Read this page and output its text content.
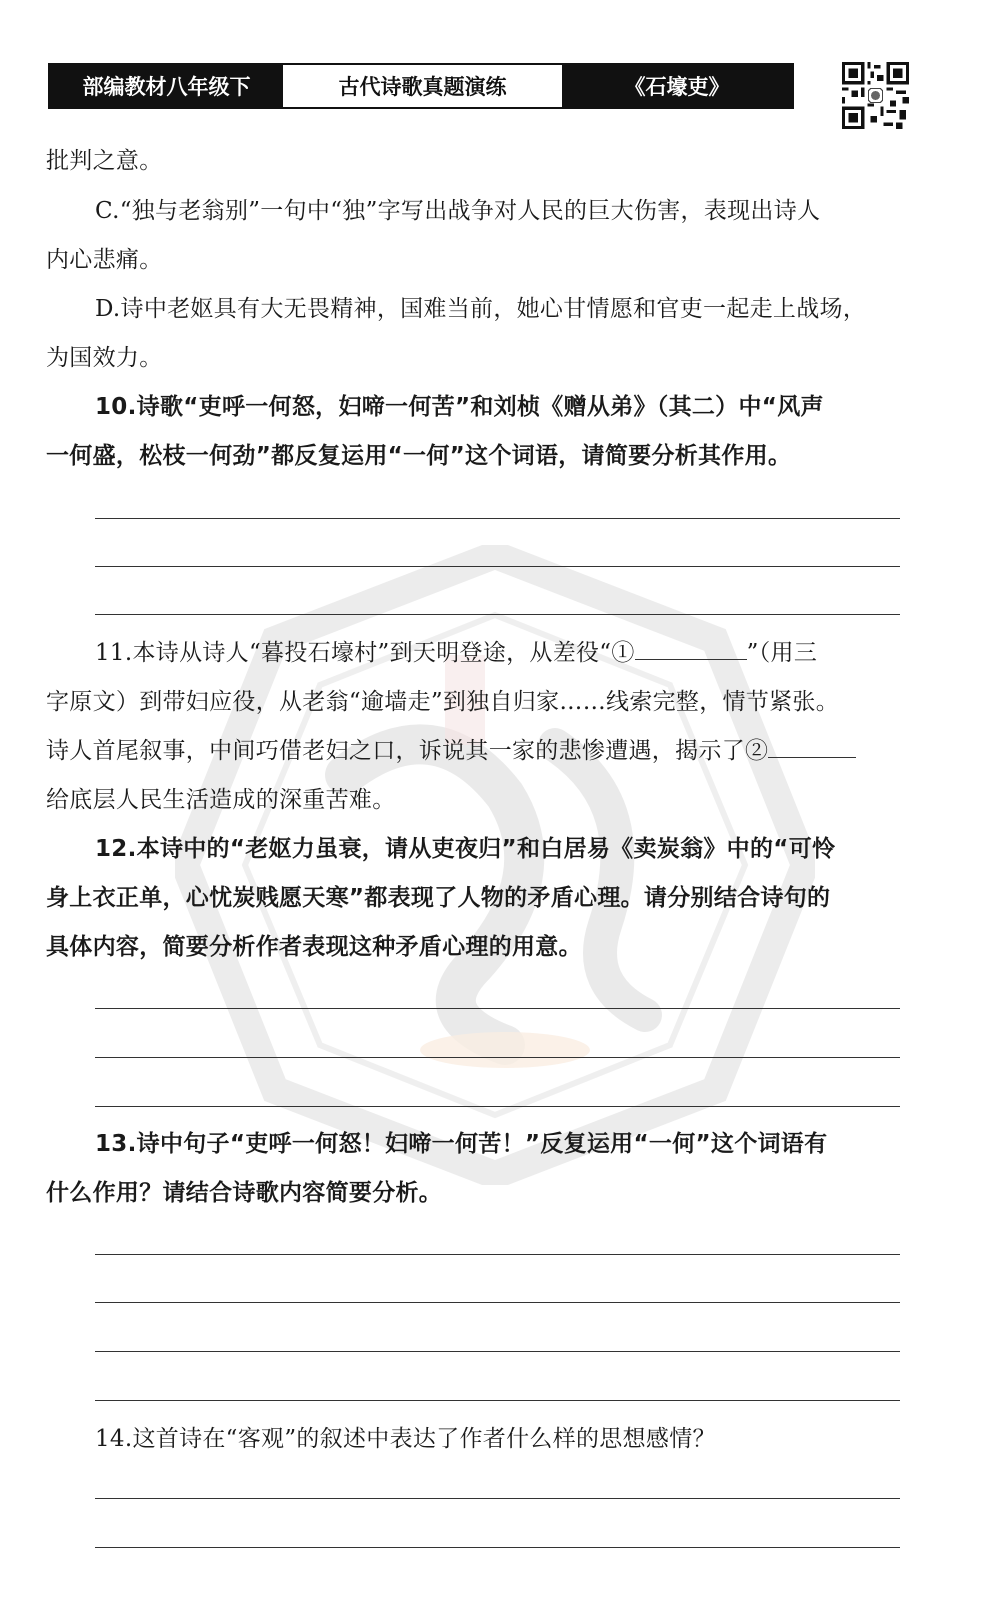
部编教材八年级下	古代诗歌真题演练	《石壕吏》

批判之意。

C.“独与老翁别”一句中“独”字写出战争对人民的巨大伤害，表现出诗人

内心悲痛。

D.诗中老妪具有大无畏精神，国难当前，她心甘情愿和官吏一起走上战场，

为国效力。

10.诗歌“吏呼一何怒，妇啼一何苦”和刘桢《赠从弟》（其二）中“风声

一何盛，松枝一何劲”都反复运用“一何”这个词语，请简要分析其作用。

11.本诗从诗人“暮投石壕村”到天明登途，从差役“①	”（用三

字原文）到带妇应役，从老翁“逾墙走”到独自归家……线索完整，情节紧张。

诗人首尾叙事，中间巧借老妇之口，诉说其一家的悲惨遭遇，揭示了②

给底层人民生活造成的深重苦难。

12.本诗中的“老妪力虽衰，请从吏夜归”和白居易《卖炭翁》中的“可怜

身上衣正单，心忧炭贱愿天寒”都表现了人物的矛盾心理。请分别结合诗句的

具体内容，简要分析作者表现这种矛盾心理的用意。

13.诗中句子“吏呼一何怒！妇啼一何苦！”反复运用“一何”这个词语有

什么作用？请结合诗歌内容简要分析。

14.这首诗在“客观”的叙述中表达了作者什么样的思想感情？
